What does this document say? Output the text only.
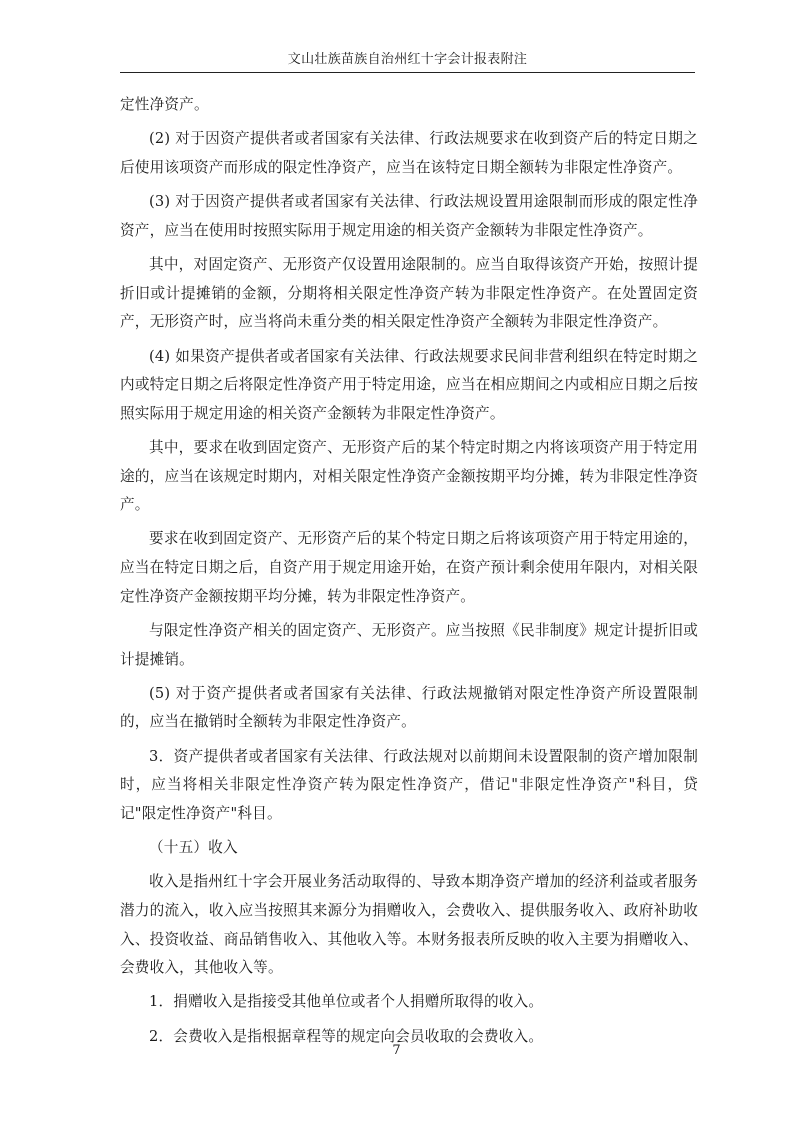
文山壮族苗族自治州红十字会计报表附注

定性净资产。

(2) 对于因资产提供者或者国家有关法律、行政法规要求在收到资产后的特定日期之后使用该项资产而形成的限定性净资产，应当在该特定日期全额转为非限定性净资产。

(3) 对于因资产提供者或者国家有关法律、行政法规设置用途限制而形成的限定性净资产，应当在使用时按照实际用于规定用途的相关资产金额转为非限定性净资产。

其中，对固定资产、无形资产仅设置用途限制的。应当自取得该资产开始，按照计提折旧或计提摊销的金额，分期将相关限定性净资产转为非限定性净资产。在处置固定资产，无形资产时，应当将尚未重分类的相关限定性净资产全额转为非限定性净资产。

(4) 如果资产提供者或者国家有关法律、行政法规要求民间非营利组织在特定时期之内或特定日期之后将限定性净资产用于特定用途，应当在相应期间之内或相应日期之后按照实际用于规定用途的相关资产金额转为非限定性净资产。

其中，要求在收到固定资产、无形资产后的某个特定时期之内将该项资产用于特定用途的，应当在该规定时期内，对相关限定性净资产金额按期平均分摊，转为非限定性净资产。

要求在收到固定资产、无形资产后的某个特定日期之后将该项资产用于特定用途的，应当在特定日期之后，自资产用于规定用途开始，在资产预计剩余使用年限内，对相关限定性净资产金额按期平均分摊，转为非限定性净资产。

与限定性净资产相关的固定资产、无形资产。应当按照《民非制度》规定计提折旧或计提摊销。

(5) 对于资产提供者或者国家有关法律、行政法规撤销对限定性净资产所设置限制的，应当在撤销时全额转为非限定性净资产。

3．资产提供者或者国家有关法律、行政法规对以前期间未设置限制的资产增加限制时，应当将相关非限定性净资产转为限定性净资产，借记"非限定性净资产"科目，贷记"限定性净资产"科目。

（十五）收入

收入是指州红十字会开展业务活动取得的、导致本期净资产增加的经济利益或者服务潜力的流入，收入应当按照其来源分为捐赠收入，会费收入、提供服务收入、政府补助收入、投资收益、商品销售收入、其他收入等。本财务报表所反映的收入主要为捐赠收入、会费收入，其他收入等。

1．捐赠收入是指接受其他单位或者个人捐赠所取得的收入。

2．会费收入是指根据章程等的规定向会员收取的会费收入。

7
